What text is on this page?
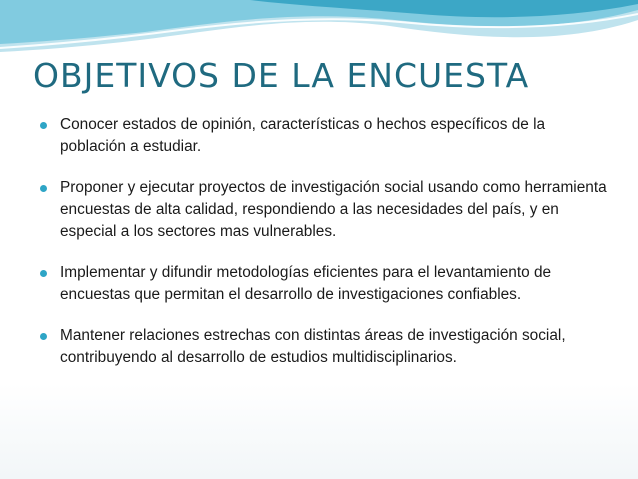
OBJETIVOS DE LA ENCUESTA
Conocer estados de opinión, características o hechos específicos de la población a estudiar.
Proponer y ejecutar proyectos de investigación social usando como herramienta encuestas de alta calidad, respondiendo a las necesidades del país, y en especial a los sectores mas vulnerables.
Implementar y difundir metodologías eficientes para el levantamiento de encuestas que permitan el desarrollo de investigaciones confiables.
Mantener relaciones estrechas con distintas áreas de investigación social, contribuyendo al desarrollo de estudios multidisciplinarios.
